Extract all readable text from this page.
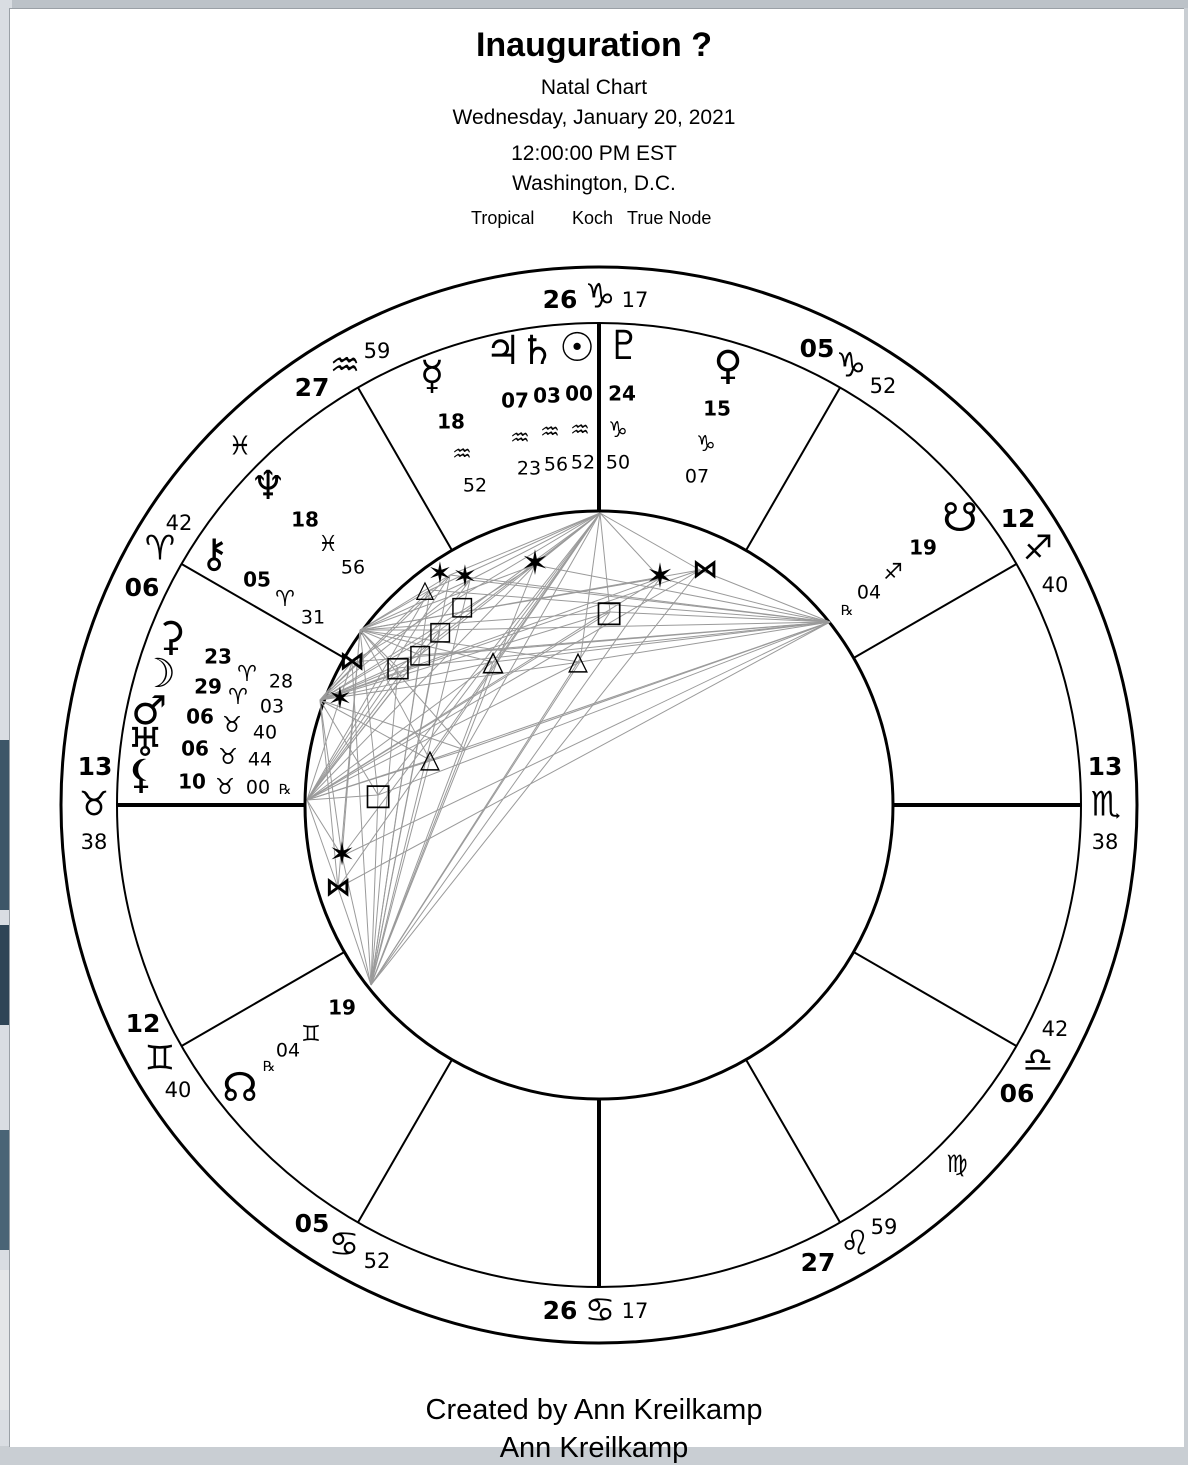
Inauguration ?
Natal Chart
Wednesday, January 20, 2021
12:00:00 PM EST
Washington, D.C.
Tropical Koch True Node
13
♉
38
12
♊
40
05
♋ 52
26 ♋ 17
27 ♌ 59
06
♎
42
13
♏
38
12
♐
40
05 ♑
52
26 ♑ 17
27
♒ 59
06
♈
42
♓
♍
♃
07
♒
23
♄
03
♒
56
☉
00
♒
52
♇
24
♑
50
☿
18
♒
52
♀
15
♑
07
☋
19
♐
04
℞
♆
18
♓
56
⚷
05
♈
31
⚳ 23
♈ 28
☽ 29 ♈ 03
♂ 06 ♉ 40
♅ 06 ♉ 44
⚸ 10 ♉ 00 ℞
☊
19
♊
04
℞
✶	✶
✶ ✶
✶
✶
□
□
□
□
□
□
△
△
△
△
⋈
⋈
⋈
Created by Ann Kreilkamp
Ann Kreilkamp
